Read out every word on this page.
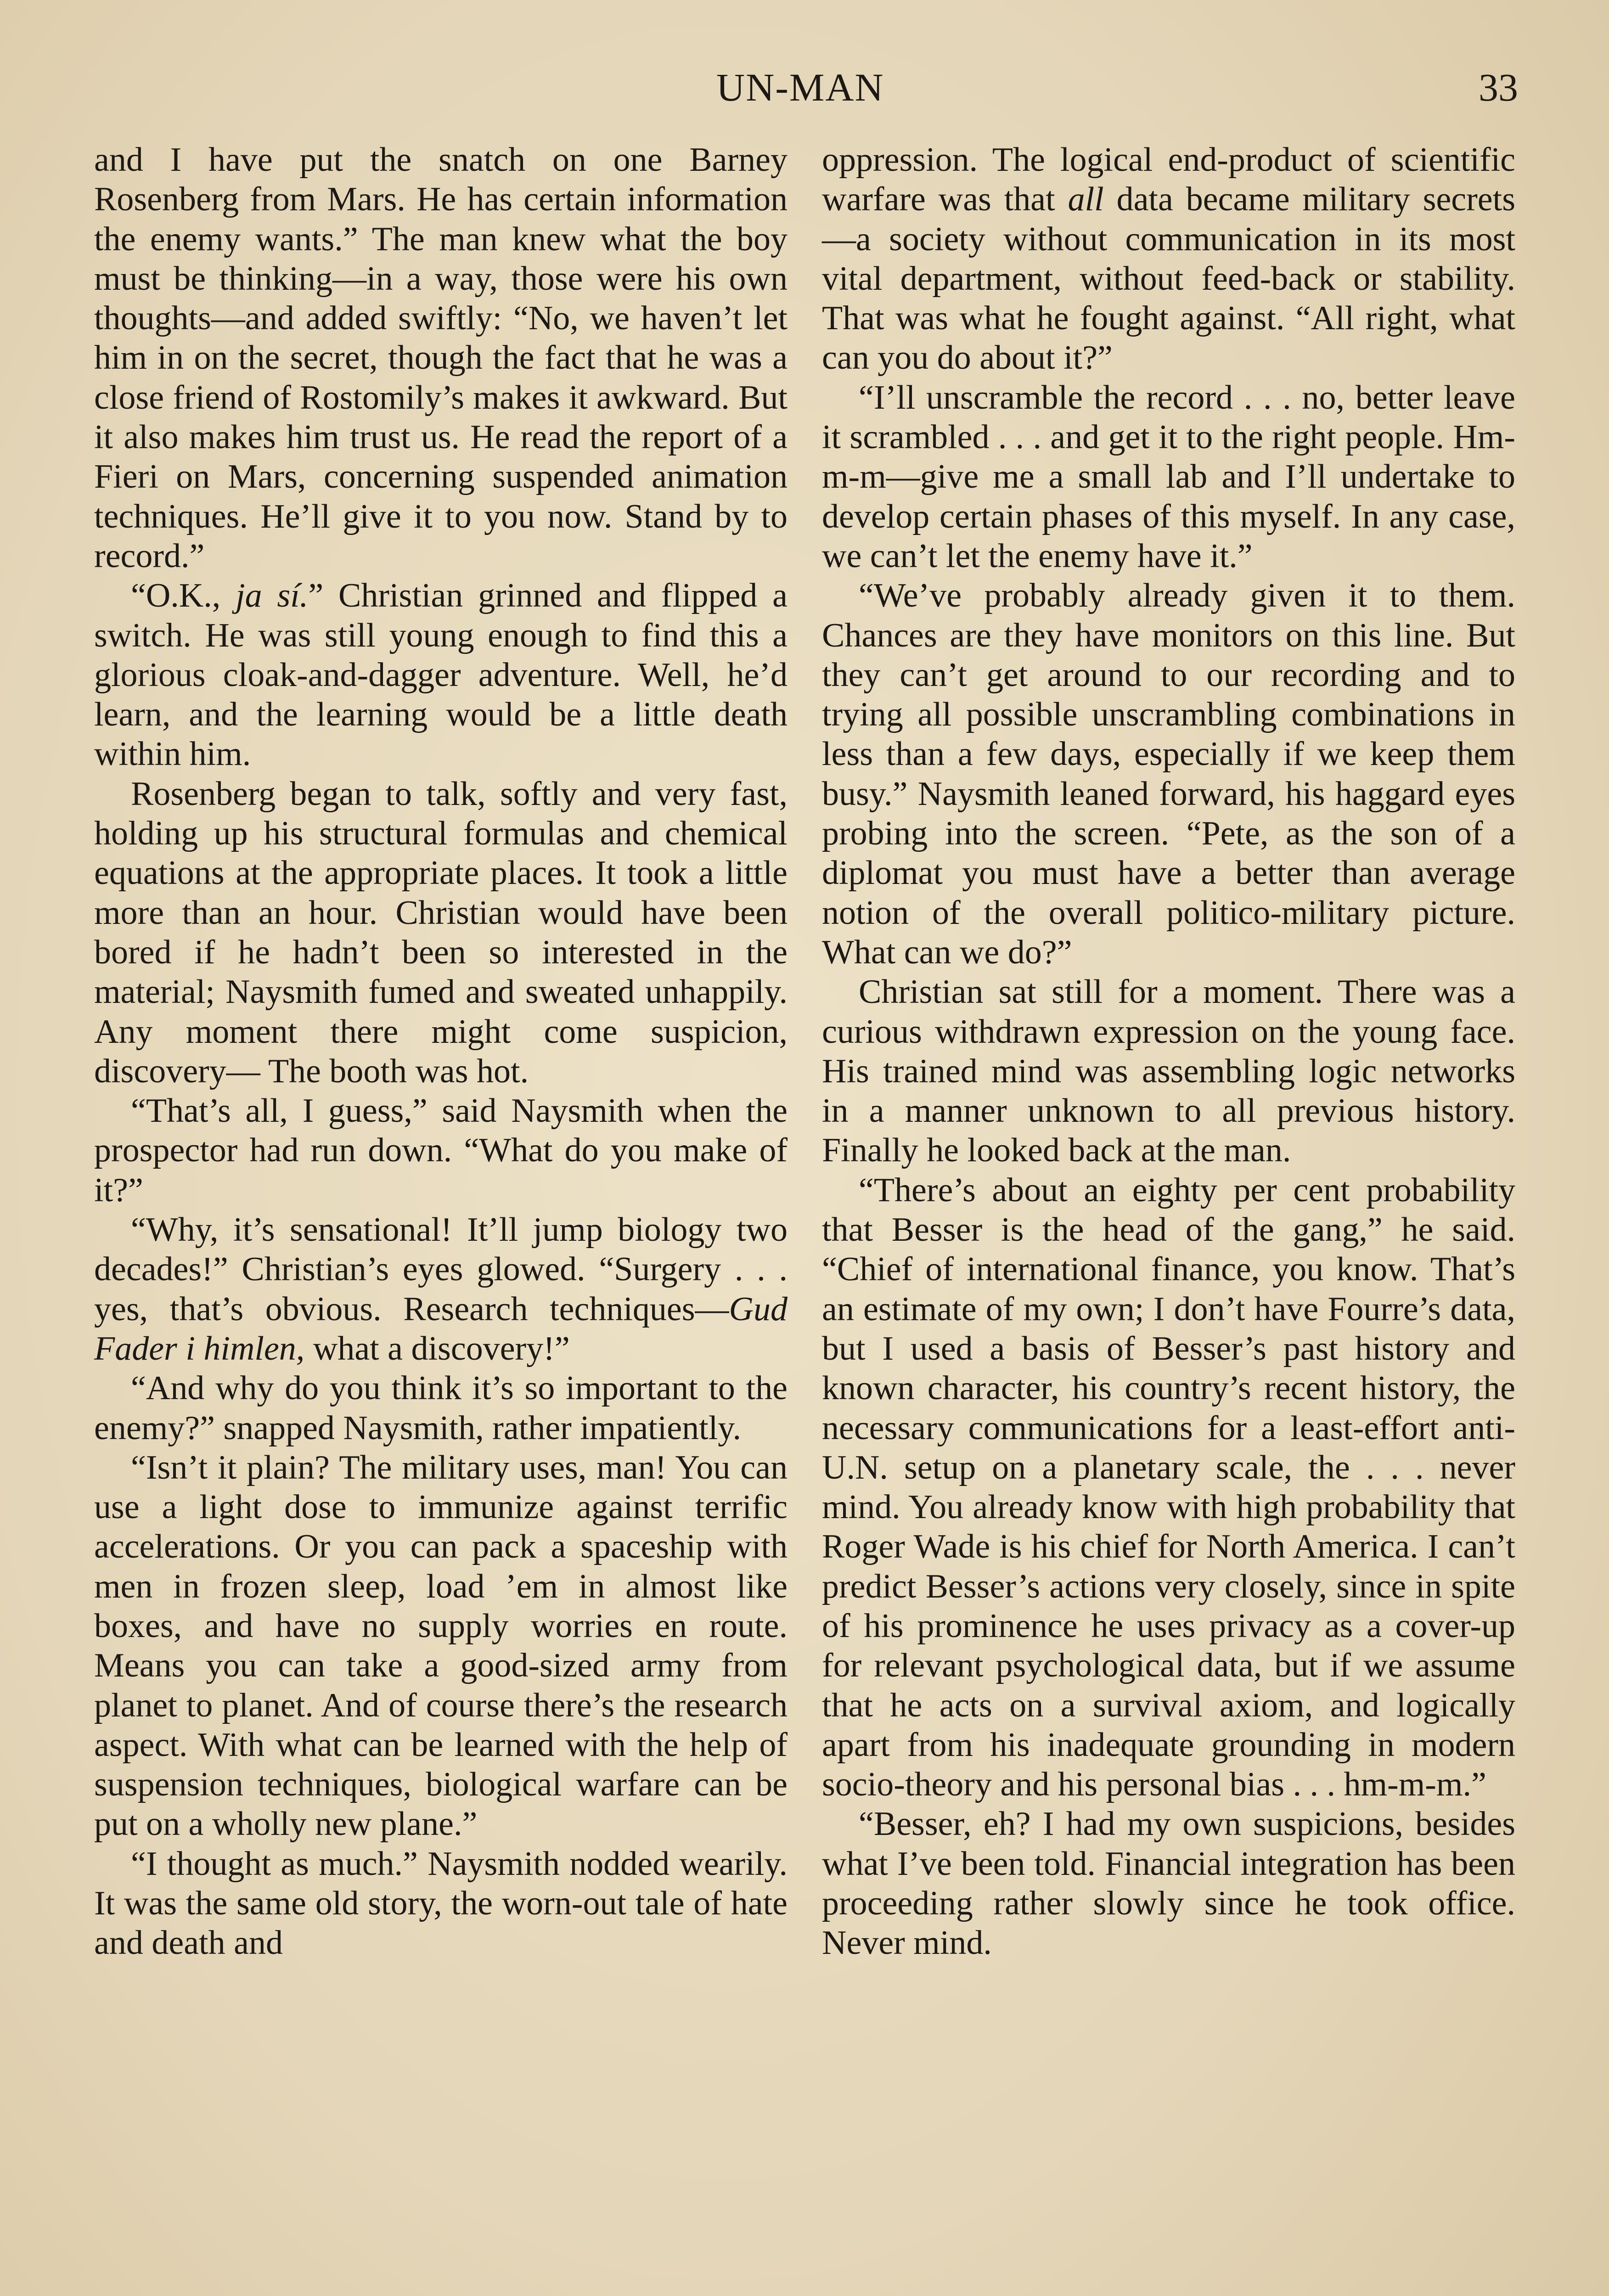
UN-MAN	33

and I have put the snatch on one Barney Rosenberg from Mars. He has certain information the enemy wants.” The man knew what the boy must be thinking—in a way, those were his own thoughts—and added swiftly: “No, we haven’t let him in on the secret, though the fact that he was a close friend of Rostomily’s makes it awkward. But it also makes him trust us. He read the report of a Fieri on Mars, concerning suspended animation techniques. He’ll give it to you now. Stand by to record.”

“O.K., ja sí.” Christian grinned and flipped a switch. He was still young enough to find this a glorious cloak-and-dagger adventure. Well, he’d learn, and the learning would be a little death within him.

Rosenberg began to talk, softly and very fast, holding up his structural formulas and chemical equations at the appropriate places. It took a little more than an hour. Christian would have been bored if he hadn’t been so interested in the material; Naysmith fumed and sweated unhappily. Any moment there might come suspicion, discovery— The booth was hot.

“That’s all, I guess,” said Naysmith when the prospector had run down. “What do you make of it?”

“Why, it’s sensational! It’ll jump biology two decades!” Christian’s eyes glowed. “Surgery . . . yes, that’s obvious. Research techniques—Gud Fader i himlen, what a discovery!”

“And why do you think it’s so important to the enemy?” snapped Naysmith, rather impatiently.

“Isn’t it plain? The military uses, man! You can use a light dose to immunize against terrific accelerations. Or you can pack a spaceship with men in frozen sleep, load ’em in almost like boxes, and have no supply worries en route. Means you can take a good-sized army from planet to planet. And of course there’s the research aspect. With what can be learned with the help of suspension techniques, biological warfare can be put on a wholly new plane.”

“I thought as much.” Naysmith nodded wearily. It was the same old story, the worn-out tale of hate and death and

oppression. The logical end-product of scientific warfare was that all data became military secrets—a society without communication in its most vital department, without feed-back or stability. That was what he fought against. “All right, what can you do about it?”

“I’ll unscramble the record . . . no, better leave it scrambled . . . and get it to the right people. Hm-m-m—give me a small lab and I’ll undertake to develop certain phases of this myself. In any case, we can’t let the enemy have it.”

“We’ve probably already given it to them. Chances are they have monitors on this line. But they can’t get around to our recording and to trying all possible unscrambling combinations in less than a few days, especially if we keep them busy.” Naysmith leaned forward, his haggard eyes probing into the screen. “Pete, as the son of a diplomat you must have a better than average notion of the overall politico-military picture. What can we do?”

Christian sat still for a moment. There was a curious withdrawn expression on the young face. His trained mind was assembling logic networks in a manner unknown to all previous history. Finally he looked back at the man.

“There’s about an eighty per cent probability that Besser is the head of the gang,” he said. “Chief of international finance, you know. That’s an estimate of my own; I don’t have Fourre’s data, but I used a basis of Besser’s past history and known character, his country’s recent history, the necessary communications for a least-effort anti-U.N. setup on a planetary scale, the . . . never mind. You already know with high probability that Roger Wade is his chief for North America. I can’t predict Besser’s actions very closely, since in spite of his prominence he uses privacy as a cover-up for relevant psychological data, but if we assume that he acts on a survival axiom, and logically apart from his inadequate grounding in modern socio-theory and his personal bias . . . hm-m-m.”

“Besser, eh? I had my own suspicions, besides what I’ve been told. Financial integration has been proceeding rather slowly since he took office. Never mind.
